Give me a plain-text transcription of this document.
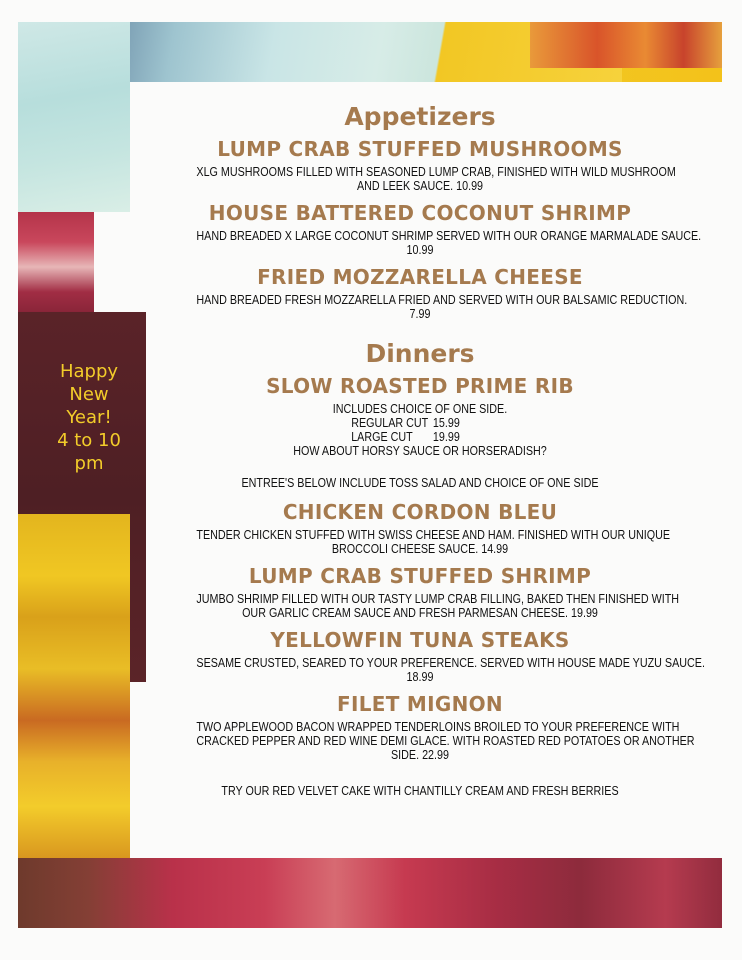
Happy
New
Year!
4 to 10
pm
Appetizers
LUMP CRAB STUFFED MUSHROOMS

XLG MUSHROOMS FILLED WITH SEASONED LUMP CRAB, FINISHED WITH WILD MUSHROOM

AND LEEK SAUCE. 10.99

HOUSE BATTERED COCONUT SHRIMP

HAND BREADED X LARGE COCONUT SHRIMP SERVED WITH OUR ORANGE MARMALADE SAUCE.

10.99

FRIED MOZZARELLA CHEESE

HAND BREADED FRESH MOZZARELLA FRIED AND SERVED WITH OUR BALSAMIC REDUCTION.

7.99

Dinners
SLOW ROASTED PRIME RIB

INCLUDES CHOICE OF ONE SIDE.

REGULAR CUT 15.99
LARGE CUT 19.99

HOW ABOUT HORSY SAUCE OR HORSERADISH?

ENTREE'S BELOW INCLUDE TOSS SALAD AND CHOICE OF ONE SIDE

CHICKEN CORDON BLEU

TENDER CHICKEN STUFFED WITH SWISS CHEESE AND HAM. FINISHED WITH OUR UNIQUE

BROCCOLI CHEESE SAUCE. 14.99

LUMP CRAB STUFFED SHRIMP

JUMBO SHRIMP FILLED WITH OUR TASTY LUMP CRAB FILLING, BAKED THEN FINISHED WITH

OUR GARLIC CREAM SAUCE AND FRESH PARMESAN CHEESE. 19.99

YELLOWFIN TUNA STEAKS

SESAME CRUSTED, SEARED TO YOUR PREFERENCE. SERVED WITH HOUSE MADE YUZU SAUCE.

18.99

FILET MIGNON

TWO APPLEWOOD BACON WRAPPED TENDERLOINS BROILED TO YOUR PREFERENCE WITH

CRACKED PEPPER AND RED WINE DEMI GLACE. WITH ROASTED RED POTATOES OR ANOTHER

SIDE. 22.99

TRY OUR RED VELVET CAKE WITH CHANTILLY CREAM AND FRESH BERRIES
